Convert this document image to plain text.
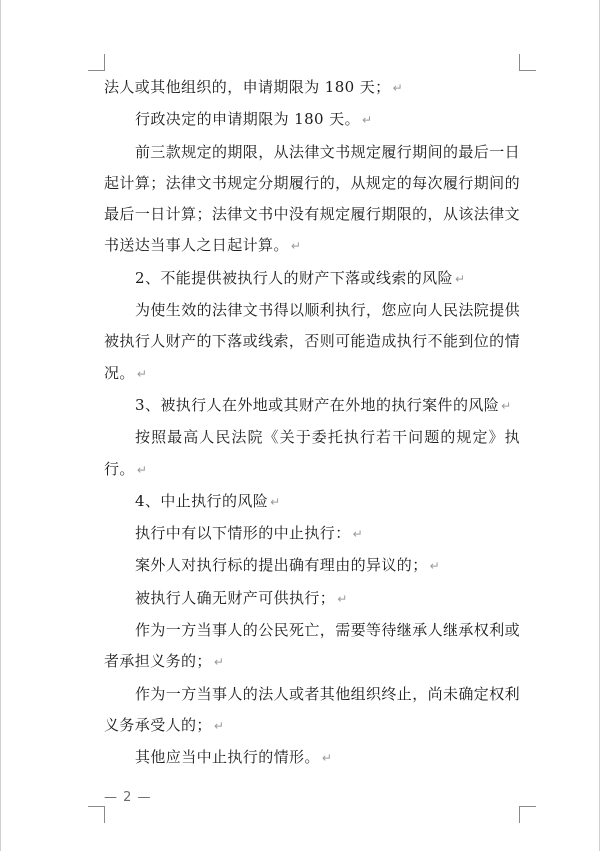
法人或其他组织的，申请期限为 180 天； ↵

行政决定的申请期限为 180 天。 ↵

前三款规定的期限，从法律文书规定履行期间的最后一日起计算；法律文书规定分期履行的，从规定的每次履行期间的最后一日计算；法律文书中没有规定履行期限的，从该法律文书送达当事人之日起计算。 ↵

2、不能提供被执行人的财产下落或线索的风险 ↵

为使生效的法律文书得以顺利执行，您应向人民法院提供被执行人财产的下落或线索，否则可能造成执行不能到位的情况。 ↵

3、被执行人在外地或其财产在外地的执行案件的风险 ↵

按照最高人民法院《关于委托执行若干问题的规定》执行。 ↵

4、中止执行的风险 ↵

执行中有以下情形的中止执行： ↵

案外人对执行标的提出确有理由的异议的； ↵

被执行人确无财产可供执行； ↵

作为一方当事人的公民死亡，需要等待继承人继承权利或者承担义务的； ↵

作为一方当事人的法人或者其他组织终止，尚未确定权利义务承受人的； ↵

其他应当中止执行的情形。 ↵

— 2 —
